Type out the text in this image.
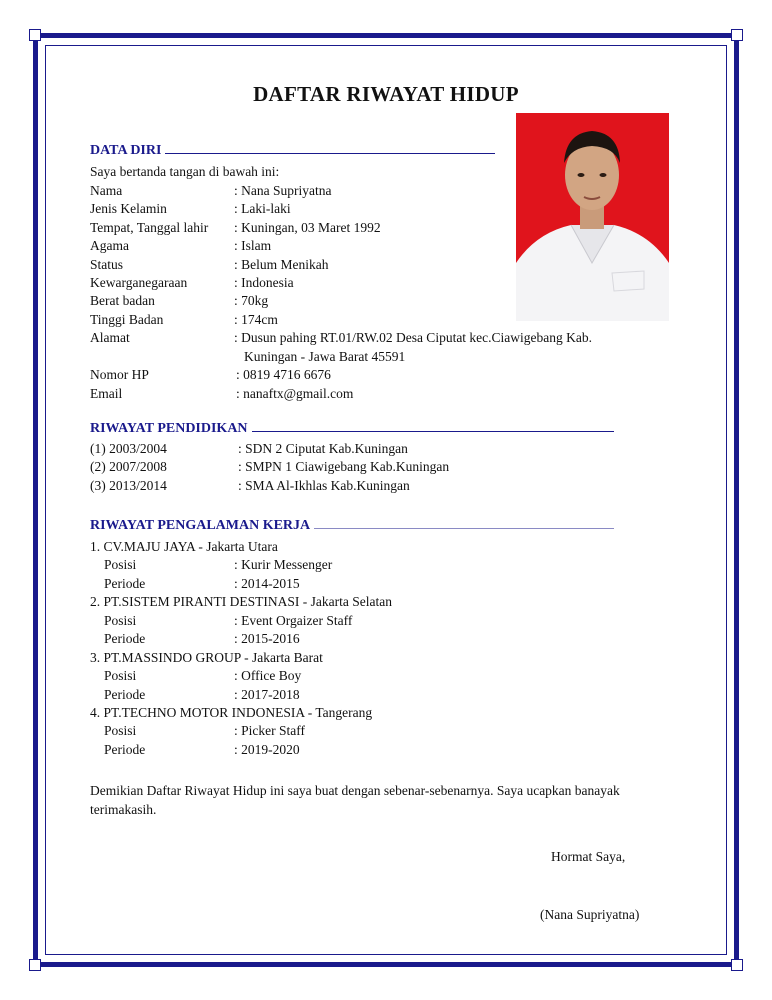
DAFTAR RIWAYAT HIDUP
DATA DIRI
Saya bertanda tangan di bawah ini:
Nama	: Nana Supriyatna
Jenis Kelamin	: Laki-laki
Tempat, Tanggal lahir : Kuningan, 03 Maret 1992
Agama	: Islam
Status	: Belum Menikah
Kewarganegaraan	: Indonesia
Berat badan	: 70kg
Tinggi Badan	: 174cm
Alamat	: Dusun pahing RT.01/RW.02 Desa Ciputat kec.Ciawigebang Kab.
Kuningan - Jawa Barat 45591
Nomor HP	: 0819 4716 6676
Email	: nanaftx@gmail.com
RIWAYAT PENDIDIKAN
(1) 2003/2004	: SDN 2 Ciputat Kab.Kuningan
(2) 2007/2008	: SMPN 1 Ciawigebang Kab.Kuningan
(3) 2013/2014	: SMA Al-Ikhlas Kab.Kuningan
RIWAYAT PENGALAMAN KERJA
1. CV.MAJU JAYA - Jakarta Utara
Posisi	: Kurir Messenger
Periode	: 2014-2015
2. PT.SISTEM PIRANTI DESTINASI - Jakarta Selatan
Posisi	: Event Orgaizer Staff
Periode	: 2015-2016
3. PT.MASSINDO GROUP - Jakarta Barat
Posisi	: Office Boy
Periode	: 2017-2018
4. PT.TECHNO MOTOR INDONESIA - Tangerang
Posisi	: Picker Staff
Periode	: 2019-2020
Demikian Daftar Riwayat Hidup ini saya buat dengan sebenar-sebenarnya. Saya ucapkan banayak
terimakasih.
Hormat Saya,
(Nana Supriyatna)
